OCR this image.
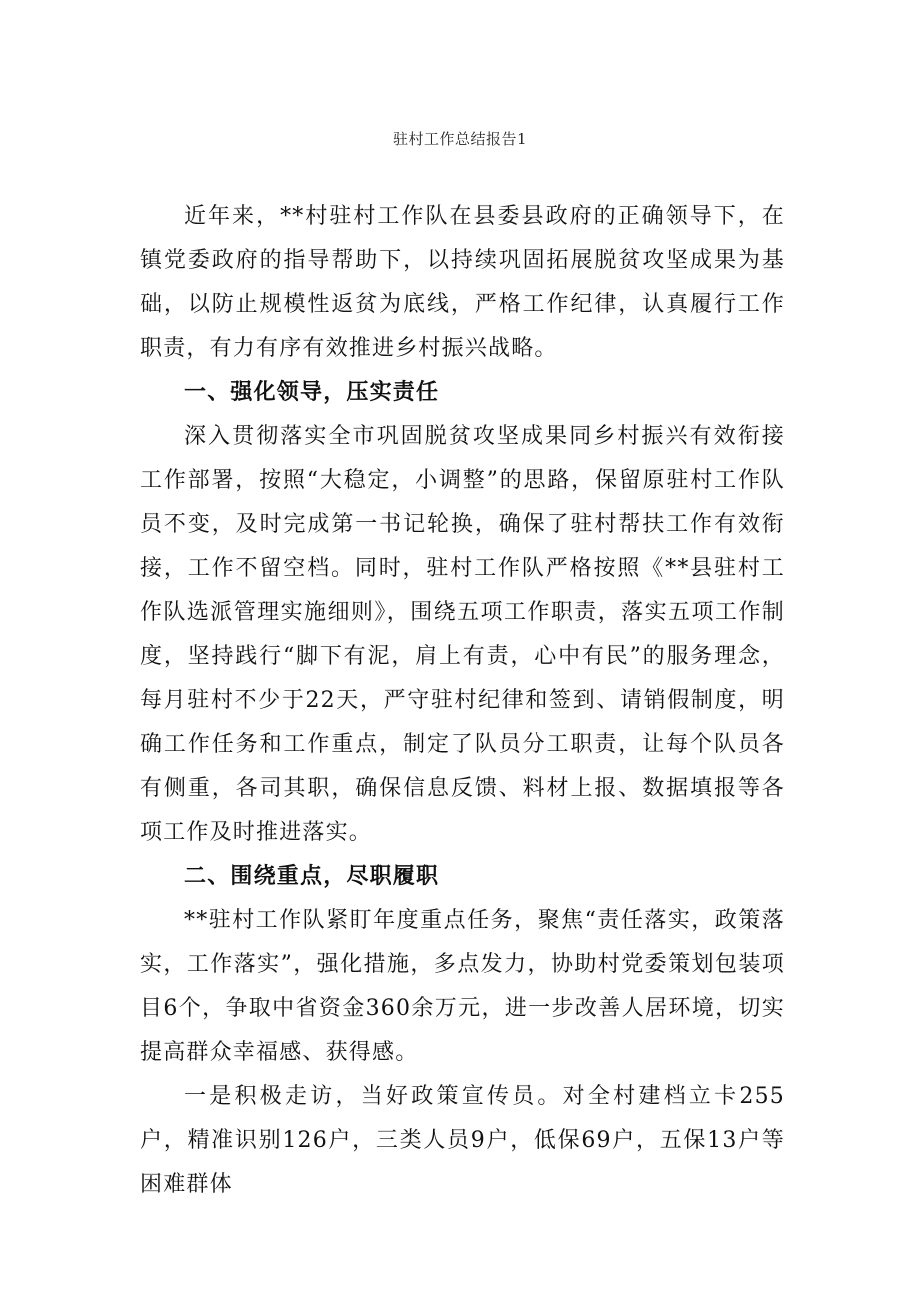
驻村工作总结报告1

近年来，**村驻村工作队在县委县政府的正确领导下，在镇党委政府的指导帮助下，以持续巩固拓展脱贫攻坚成果为基础，以防止规模性返贫为底线，严格工作纪律，认真履行工作职责，有力有序有效推进乡村振兴战略。

一、强化领导，压实责任

深入贯彻落实全市巩固脱贫攻坚成果同乡村振兴有效衔接工作部署，按照“大稳定，小调整”的思路，保留原驻村工作队员不变，及时完成第一书记轮换，确保了驻村帮扶工作有效衔接，工作不留空档。同时，驻村工作队严格按照《**县驻村工作队选派管理实施细则》，围绕五项工作职责，落实五项工作制度，坚持践行“脚下有泥，肩上有责，心中有民”的服务理念，每月驻村不少于22天，严守驻村纪律和签到、请销假制度，明确工作任务和工作重点，制定了队员分工职责，让每个队员各有侧重，各司其职，确保信息反馈、料材上报、数据填报等各项工作及时推进落实。

二、围绕重点，尽职履职

**驻村工作队紧盯年度重点任务，聚焦“责任落实，政策落实，工作落实”，强化措施，多点发力，协助村党委策划包装项目6个，争取中省资金360余万元，进一步改善人居环境，切实提高群众幸福感、获得感。

一是积极走访，当好政策宣传员。对全村建档立卡255户，精准识别126户，三类人员9户，低保69户，五保13户等困难群体
